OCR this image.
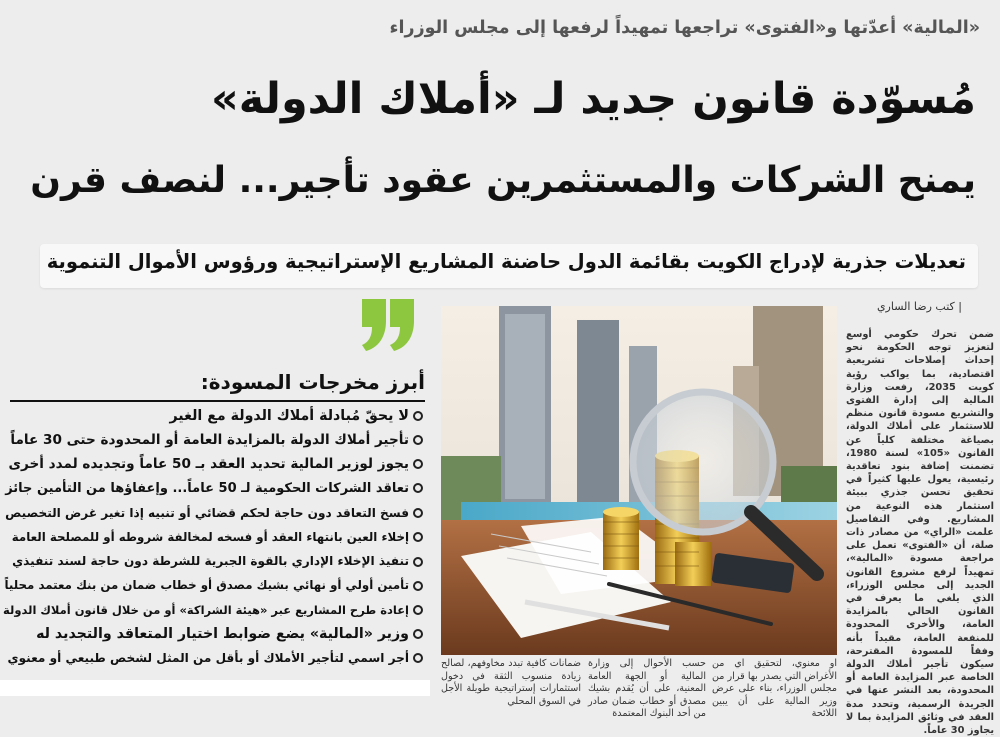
«المالية» أعدّتها و«الفتوى» تراجعها تمهيداً لرفعها إلى مجلس الوزراء
مُسوّدة قانون جديد لـ «أملاك الدولة»
يمنح الشركات والمستثمرين عقود تأجير... لنصف قرن
تعديلات جذرية لإدراج الكويت بقائمة الدول حاضنة المشاريع الإستراتيجية ورؤوس الأموال التنموية
| كتب رضا الساري
أبرز مخرجات المسودة:
لا يحقّ مُبادلة أملاك الدولة مع الغير
تأجير أملاك الدولة بالمزايدة العامة أو المحدودة حتى 30 عاماً
يجوز لوزير المالية تحديد العقد بـ 50 عاماً وتجديده لمدد أخرى
تعاقد الشركات الحكومية لـ 50 عاماً... وإعفاؤها من التأمين جائز
فسخ التعاقد دون حاجة لحكم قضائي أو تنبيه إذا تغير غرض التخصيص
إخلاء العين بانتهاء العقد أو فسخه لمخالفة شروطه أو للمصلحة العامة
تنفيذ الإخلاء الإداري بالقوة الجبرية للشرطة دون حاجة لسند تنفيذي
تأمين أولي أو نهائي بشيك مصدق أو خطاب ضمان من بنك معتمد محلياً
إعادة طرح المشاريع عبر «هيئة الشراكة» أو من خلال قانون أملاك الدولة
وزير «المالية» يضع ضوابط اختيار المتعاقد والتجديد له
أجر اسمي لتأجير الأملاك أو بأقل من المثل لشخص طبيعي أو معنوي
ضمن تحرك حكومي أوسع لتعزيز توجه الحكومة نحو إحداث إصلاحات تشريعية اقتصادية، بما يواكب رؤية كويت 2035، رفعت وزارة المالية إلى إدارة الفتوى والتشريع مسودة قانون منظم للاستثمار على أملاك الدولة، بصياغة مختلفة كلياً عن القانون «105» لسنة 1980، تضمنت إضافة بنود تعاقدية رئيسية، يعول عليها كثيراً في تحقيق تحسن جذري ببيئة استثمار هذه النوعية من المشاريع. وفي التفاصيل علمت «الراي» من مصادر ذات صلة، أن «الفتوى» تعمل على مراجعة مسودة «المالية»، تمهيداً لرفع مشروع القانون الجديد إلى مجلس الوزراء، الذي يلغي ما يعرف في القانون الحالي بالمزايدة العامة، والأخرى المحدودة للمنفعة العامة، مقيداً بأنه وفقاً للمسودة المقترحة، سيكون تأجير أملاك الدولة الخاصة عبر المزايدة العامة أو المحدودة، بعد النشر عنها في الجريدة الرسمية، وتحدد مدة العقد في وثائق المزايدة بما لا يجاوز 30 عاماً.
او معنوي، لتحقيق اي من الأغراض التي يصدر بها قرار من مجلس الوزراء، بناء على عرض وزير المالية على أن يبين اللائحة
حسب الأحوال إلى وزارة المالية أو الجهة العامة المعنية، على أن يُقدم بشيك مصدق أو خطاب ضمان صادر من أحد البنوك المعتمدة
ضمانات كافية تبدد مخاوفهم، لصالح زيادة منسوب الثقة في دخول استثمارات إستراتيجية طويلة الأجل في السوق المحلي
